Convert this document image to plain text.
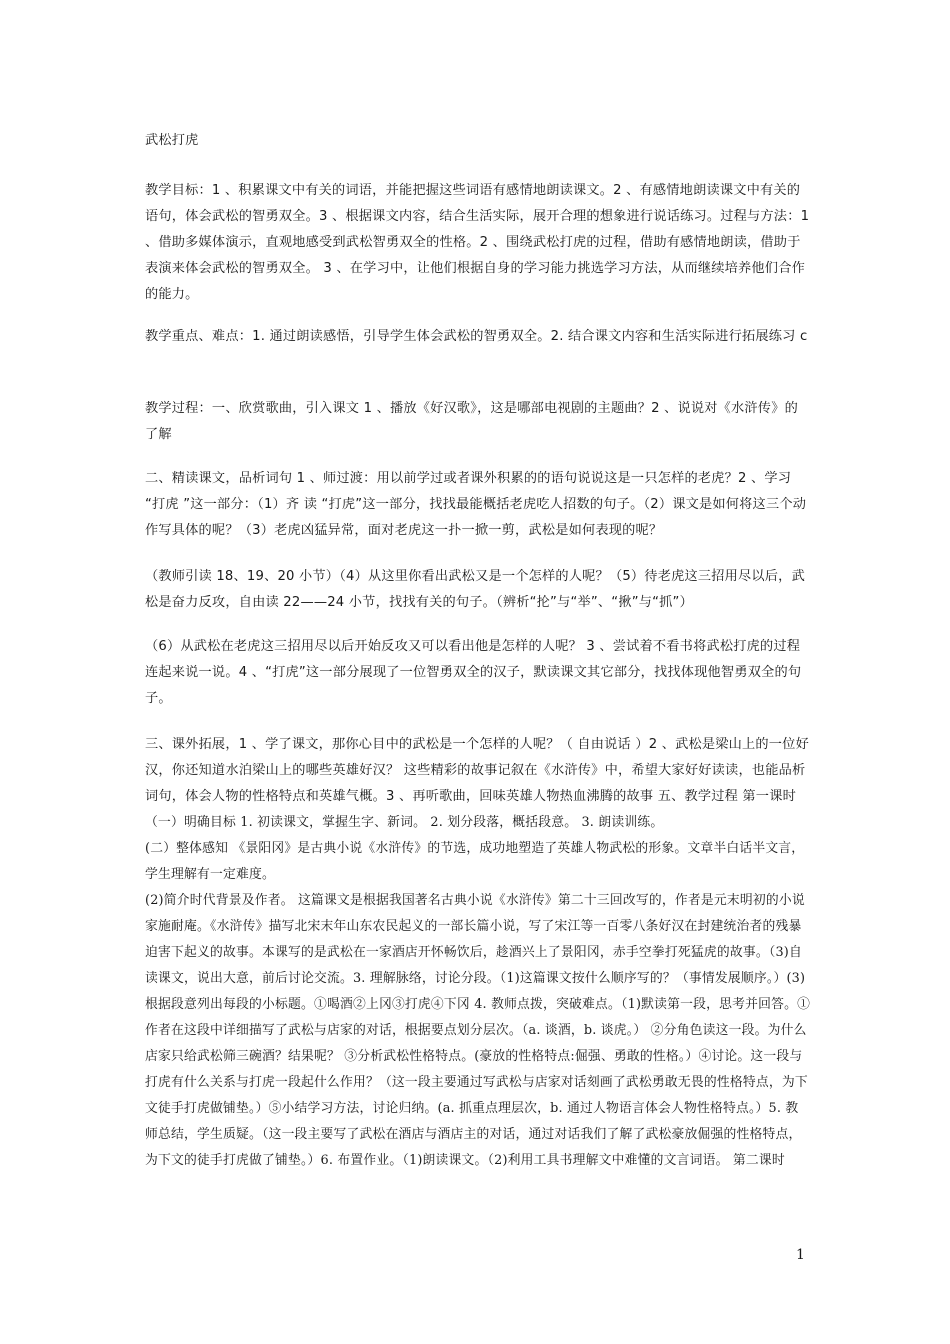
武松打虎

教学目标：1 、积累课文中有关的词语，并能把握这些词语有感情地朗读课文。2 、有感情地朗读课文中有关的语句，体会武松的智勇双全。3 、根据课文内容，结合生活实际，展开合理的想象进行说话练习。过程与方法：1 、借助多媒体演示，直观地感受到武松智勇双全的性格。2 、围绕武松打虎的过程，借助有感情地朗读，借助于表演来体会武松的智勇双全。 3 、在学习中，让他们根据自身的学习能力挑选学习方法，从而继续培养他们合作的能力。

教学重点、难点：1. 通过朗读感悟，引导学生体会武松的智勇双全。2. 结合课文内容和生活实际进行拓展练习 c

教学过程：一、欣赏歌曲，引入课文 1 、播放《好汉歌》，这是哪部电视剧的主题曲？2 、说说对《水浒传》的了解

二、精读课文，品析词句 1 、师过渡：用以前学过或者课外积累的的语句说说这是一只怎样的老虎？2 、学习 “打虎 ”这一部分：（1）齐 读 “打虎”这一部分，找找最能概括老虎吃人招数的句子。（2）课文是如何将这三个动作写具体的呢？（3）老虎凶猛异常，面对老虎这一扑一掀一剪，武松是如何表现的呢？

（教师引读 18、19、20 小节）（4）从这里你看出武松又是一个怎样的人呢？（5）待老虎这三招用尽以后，武松是奋力反攻，自由读 22——24 小节，找找有关的句子。（辨析“抡”与“举”、“揪”与“抓”）

（6）从武松在老虎这三招用尽以后开始反攻又可以看出他是怎样的人呢？ 3 、尝试着不看书将武松打虎的过程连起来说一说。4 、“打虎”这一部分展现了一位智勇双全的汉子，默读课文其它部分，找找体现他智勇双全的句子。

三、课外拓展，1 、学了课文，那你心目中的武松是一个怎样的人呢？（ 自由说话 ）2 、武松是梁山上的一位好汉，你还知道水泊梁山上的哪些英雄好汉？ 这些精彩的故事记叙在《水浒传》中，希望大家好好读读，也能品析词句，体会人物的性格特点和英雄气概。3 、再听歌曲，回味英雄人物热血沸腾的故事 五、教学过程 第一课时
（一）明确目标 1. 初读课文，掌握生字、新词。 2. 划分段落，概括段意。 3. 朗读训练。
(二）整体感知 《景阳冈》是古典小说《水浒传》的节选，成功地塑造了英雄人物武松的形象。文章半白话半文言，学生理解有一定难度。
(2)简介时代背景及作者。 这篇课文是根据我国著名古典小说《水浒传》第二十三回改写的，作者是元末明初的小说家施耐庵。《水浒传》描写北宋末年山东农民起义的一部长篇小说，写了宋江等一百零八条好汉在封建统治者的残暴迫害下起义的故事。本课写的是武松在一家酒店开怀畅饮后，趁酒兴上了景阳冈，赤手空拳打死猛虎的故事。（3)自读课文，说出大意，前后讨论交流。3. 理解脉络，讨论分段。（1)这篇课文按什么顺序写的？（事情发展顺序。）(3)根据段意列出每段的小标题。①喝酒②上冈③打虎④下冈 4. 教师点拨，突破难点。（1)默读第一段，思考并回答。①作者在这段中详细描写了武松与店家的对话，根据要点划分层次。（a. 谈酒，b. 谈虎。） ②分角色读这一段。为什么店家只给武松筛三碗酒？结果呢？ ③分析武松性格特点。(豪放的性格特点:倔强、勇敢的性格。）④讨论。这一段与打虎有什么关系与打虎一段起什么作用？（这一段主要通过写武松与店家对话刻画了武松勇敢无畏的性格特点，为下文徒手打虎做铺垫。）⑤小结学习方法，讨论归纳。(a. 抓重点理层次，b. 通过人物语言体会人物性格特点。）5. 教师总结，学生质疑。（这一段主要写了武松在酒店与酒店主的对话，通过对话我们了解了武松豪放倔强的性格特点，为下文的徒手打虎做了铺垫。）6. 布置作业。（1)朗读课文。（2)利用工具书理解文中难懂的文言词语。 第二课时
1
